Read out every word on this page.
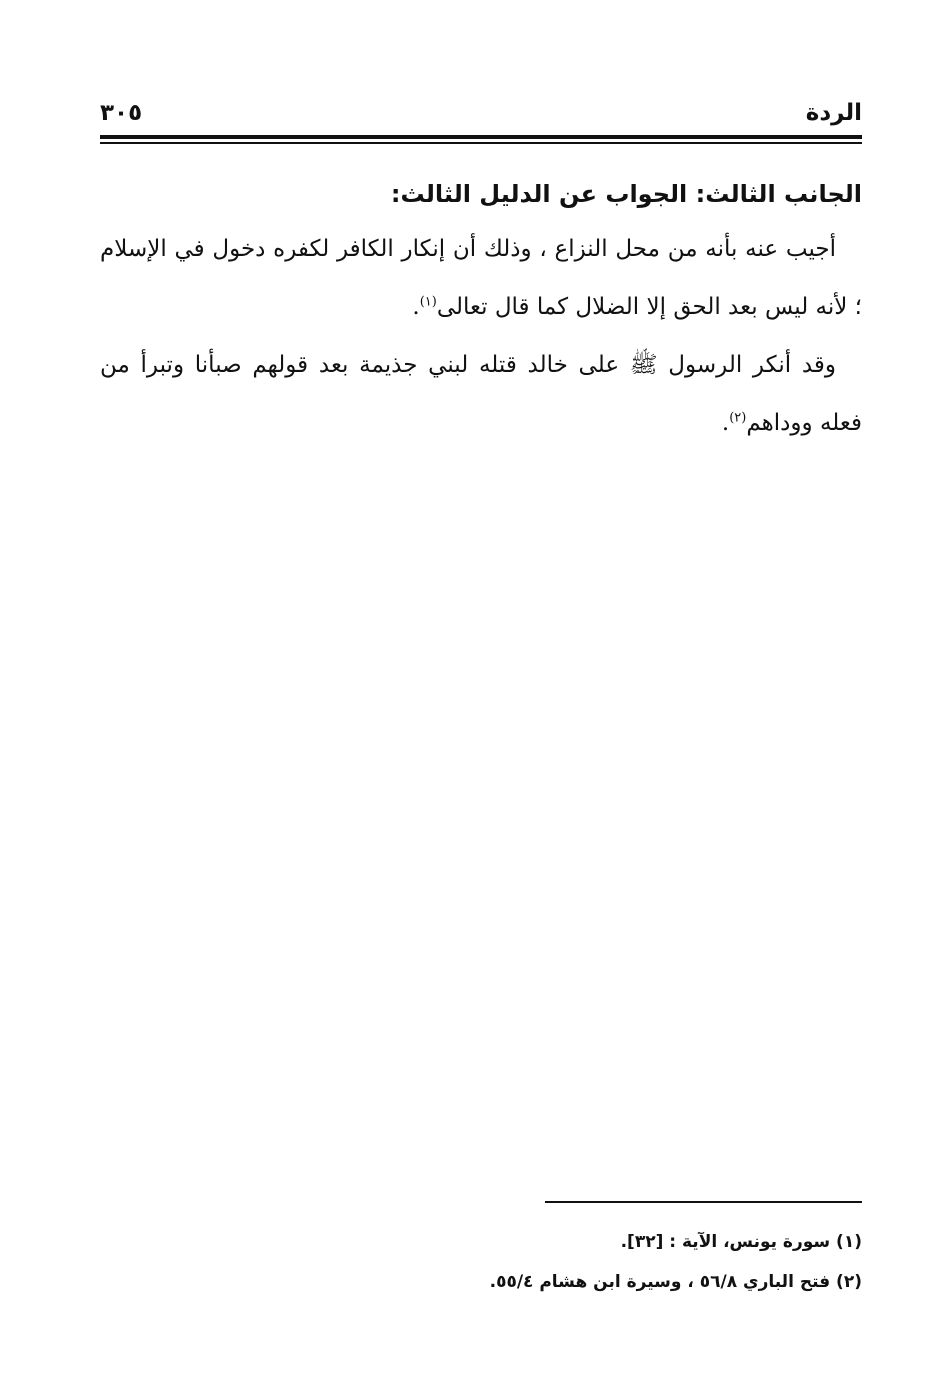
الردة
٣٠٥
الجانب الثالث: الجواب عن الدليل الثالث:

أجيب عنه بأنه من محل النزاع ، وذلك أن إنكار الكافر لكفره دخول في الإسلام ؛ لأنه ليس بعد الحق إلا الضلال كما قال تعالى$^{(١)}$.

وقد أنكر الرسول ﷺ على خالد قتله لبني جذيمة بعد قولهم صبأنا وتبرأ من فعله ووداهم$^{(٢)}$.

(١) سورة يونس، الآية : [٣٢].

(٢) فتح الباري ٥٦/٨ ، وسيرة ابن هشام ٥٥/٤.
